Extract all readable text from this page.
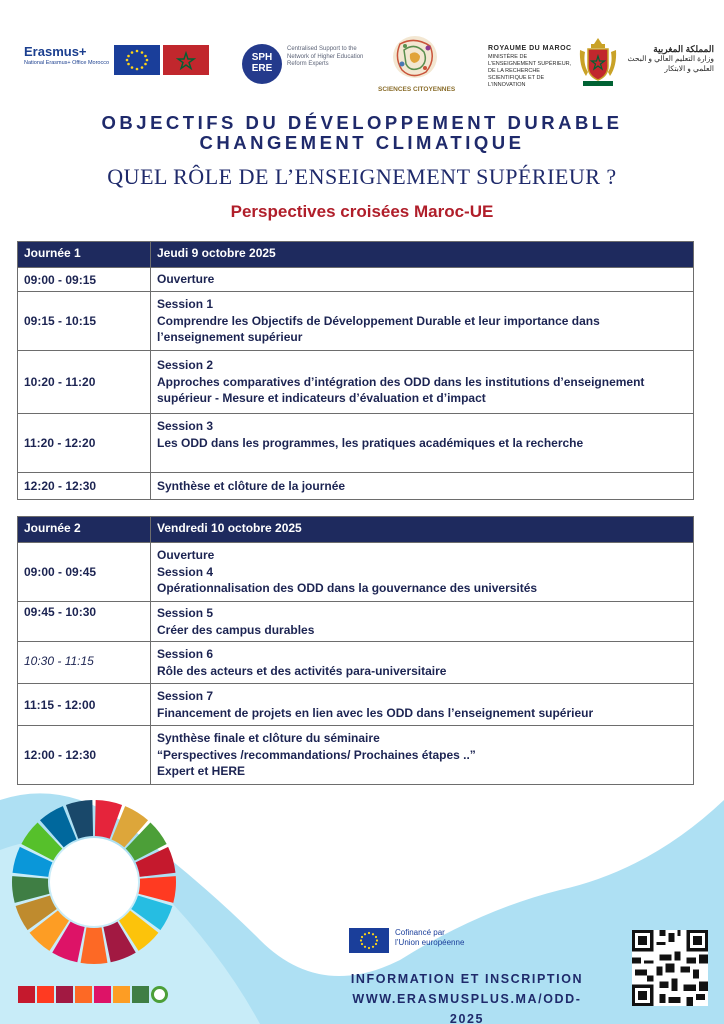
Erasmus+
National Erasmus+ Office Morocco	SPH ERE
Centralised Support to the Network of Higher Education Reform Experts
SCIENCES CITOYENNES
ROYAUME DU MAROC
MINISTÈRE DE L'ENSEIGNEMENT SUPÉRIEUR, DE LA RECHERCHE SCIENTIFIQUE ET DE L'INNOVATION
المملكة المغربية
وزارة التعليم العالي و البحث العلمي و الابتكار
OBJECTIFS DU DÉVELOPPEMENT DURABLE
CHANGEMENT CLIMATIQUE
QUEL RÔLE DE L’ENSEIGNEMENT SUPÉRIEUR ?
Perspectives croisées Maroc-UE
Journée 1	Jeudi 9 octobre 2025
09:00 - 09:15	Ouverture

09:15 - 10:15	Session 1
Comprendre les Objectifs de Développement Durable et leur importance dans
l’enseignement supérieur

10:20 - 11:20	Session 2
Approches comparatives d’intégration des ODD dans les institutions d’enseignement
supérieur - Mesure et indicateurs d’évaluation et d’impact

11:20 - 12:20	Session 3
Les ODD dans les programmes, les pratiques académiques et la recherche

12:20 - 12:30	Synthèse et clôture de la journée
Journée 2	Vendredi 10 octobre 2025
09:00 - 09:45	Ouverture
Session 4
Opérationnalisation des ODD dans la gouvernance des universités

09:45 - 10:30	Session 5
Créer des campus durables

10:30 - 11:15	Session 6
Rôle des acteurs et des activités para-universitaire

11:15 - 12:00	Session 7
Financement de projets en lien avec les ODD dans l’enseignement supérieur

12:00 - 12:30	Synthèse finale et clôture du séminaire
“Perspectives /recommandations/ Prochaines étapes ..”
Expert et HERE
Cofinancé par
l’Union européenne
INFORMATION ET INSCRIPTION
WWW.ERASMUSPLUS.MA/ODD-2025
